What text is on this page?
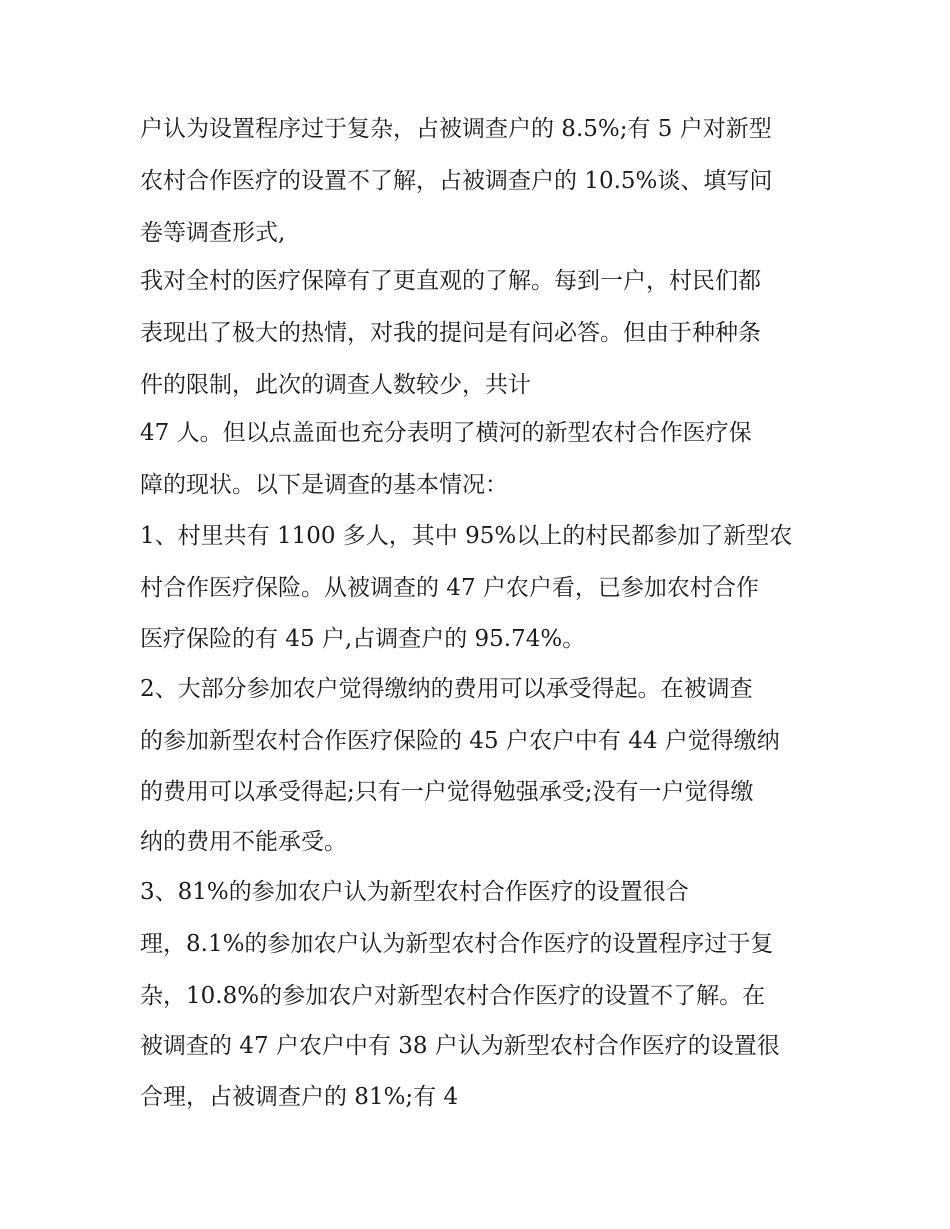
户认为设置程序过于复杂，占被调查户的 8.5%;有 5 户对新型
农村合作医疗的设置不了解，占被调查户的 10.5%谈、填写问
卷等调查形式,
我对全村的医疗保障有了更直观的了解。每到一户，村民们都
表现出了极大的热情，对我的提问是有问必答。但由于种种条
件的限制，此次的调查人数较少，共计
47 人。但以点盖面也充分表明了横河的新型农村合作医疗保
障的现状。以下是调查的基本情况：
1、村里共有 1100 多人，其中 95%以上的村民都参加了新型农
村合作医疗保险。从被调查的 47 户农户看，已参加农村合作
医疗保险的有 45 户,占调查户的 95.74%。
2、大部分参加农户觉得缴纳的费用可以承受得起。在被调查
的参加新型农村合作医疗保险的 45 户农户中有 44 户觉得缴纳
的费用可以承受得起;只有一户觉得勉强承受;没有一户觉得缴
纳的费用不能承受。
3、81%的参加农户认为新型农村合作医疗的设置很合
理，8.1%的参加农户认为新型农村合作医疗的设置程序过于复
杂，10.8%的参加农户对新型农村合作医疗的设置不了解。在
被调查的 47 户农户中有 38 户认为新型农村合作医疗的设置很
合理，占被调查户的 81%;有 4
